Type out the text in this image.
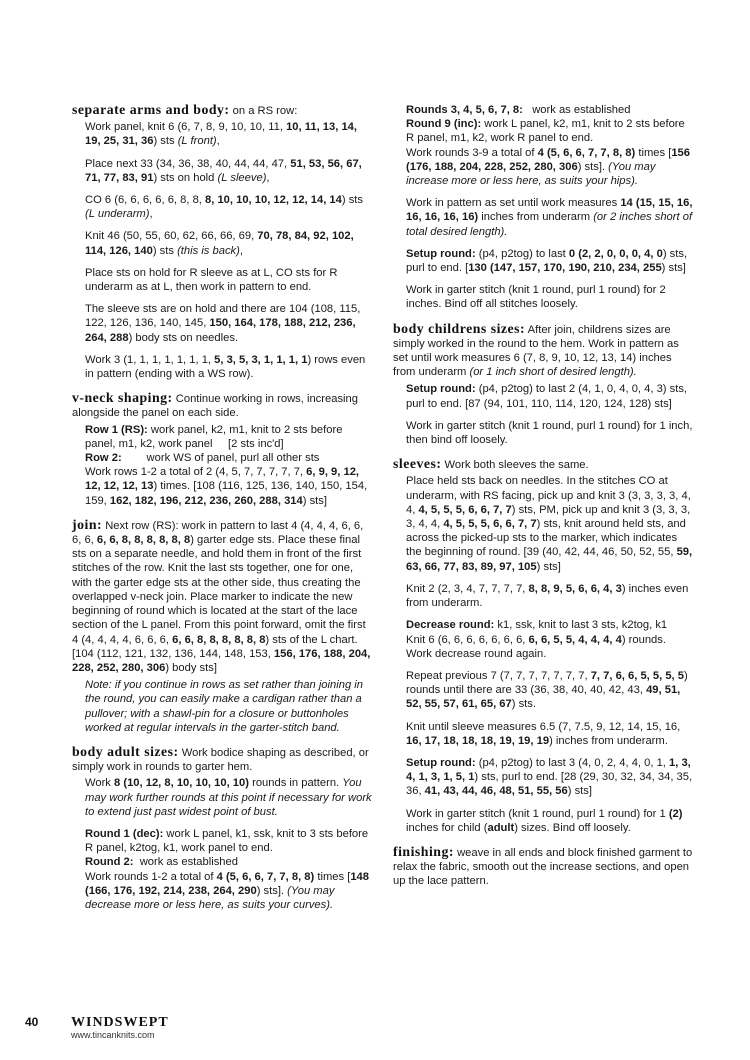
separate arms and body: on a RS row:

Work panel, knit 6 (6, 7, 8, 9, 10, 10, 11, 10, 11, 13, 14, 19, 25, 31, 36) sts (L front),

Place next 33 (34, 36, 38, 40, 44, 44, 47, 51, 53, 56, 67, 71, 77, 83, 91) sts on hold (L sleeve),

CO 6 (6, 6, 6, 6, 6, 8, 8, 8, 10, 10, 10, 12, 12, 14, 14) sts (L underarm),

Knit 46 (50, 55, 60, 62, 66, 66, 69, 70, 78, 84, 92, 102, 114, 126, 140) sts (this is back),

Place sts on hold for R sleeve as at L, CO sts for R underarm as at L, then work in pattern to end.

The sleeve sts are on hold and there are 104 (108, 115, 122, 126, 136, 140, 145, 150, 164, 178, 188, 212, 236, 264, 288) body sts on needles.

Work 3 (1, 1, 1, 1, 1, 1, 1, 5, 3, 5, 3, 1, 1, 1, 1) rows even in pattern (ending with a WS row).

v-neck shaping: Continue working in rows, increasing alongside the panel on each side.

Row 1 (RS): work panel, k2, m1, knit to 2 sts before panel, m1, k2, work panel     [2 sts inc'd]
Row 2:        work WS of panel, purl all other sts
Work rows 1-2 a total of 2 (4, 5, 7, 7, 7, 7, 7, 6, 9, 9, 12, 12, 12, 12, 13) times. [108 (116, 125, 136, 140, 150, 154, 159, 162, 182, 196, 212, 236, 260, 288, 314) sts]

join: Next row (RS): work in pattern to last 4 (4, 4, 4, 6, 6, 6, 6, 6, 6, 8, 8, 8, 8, 8, 8) garter edge sts. Place these final sts on a separate needle, and hold them in front of the first stitches of the row. Knit the last sts together, one for one, with the garter edge sts at the other side, thus creating the overlapped v-neck join. Place marker to indicate the new beginning of round which is located at the start of the lace section of the L panel. From this point forward, omit the first 4 (4, 4, 4, 4, 6, 6, 6, 6, 6, 8, 8, 8, 8, 8, 8) sts of the L chart. [104 (112, 121, 132, 136, 144, 148, 153, 156, 176, 188, 204, 228, 252, 280, 306) body sts]

Note: if you continue in rows as set rather than joining in the round, you can easily make a cardigan rather than a pullover; with a shawl-pin for a closure or buttonholes worked at regular intervals in the garter-stitch band.

body adult sizes: Work bodice shaping as described, or simply work in rounds to garter hem.

Work 8 (10, 12, 8, 10, 10, 10, 10) rounds in pattern. You may work further rounds at this point if necessary for work to extend just past widest point of bust.

Round 1 (dec): work L panel, k1, ssk, knit to 3 sts before R panel, k2tog, k1, work panel to end.
Round 2:  work as established
Work rounds 1-2 a total of 4 (5, 6, 6, 7, 7, 8, 8) times [148 (166, 176, 192, 214, 238, 264, 290) sts]. (You may decrease more or less here, as suits your curves).

Rounds 3, 4, 5, 6, 7, 8:   work as established
Round 9 (inc): work L panel, k2, m1, knit to 2 sts before R panel, m1, k2, work R panel to end.
Work rounds 3-9 a total of 4 (5, 6, 6, 7, 7, 8, 8) times [156 (176, 188, 204, 228, 252, 280, 306) sts]. (You may increase more or less here, as suits your hips).

Work in pattern as set until work measures 14 (15, 15, 16, 16, 16, 16, 16) inches from underarm (or 2 inches short of total desired length).

Setup round: (p4, p2tog) to last 0 (2, 2, 0, 0, 0, 4, 0) sts, purl to end. [130 (147, 157, 170, 190, 210, 234, 255) sts]

Work in garter stitch (knit 1 round, purl 1 round) for 2 inches. Bind off all stitches loosely.

body childrens sizes: After join, childrens sizes are simply worked in the round to the hem. Work in pattern as set until work measures 6 (7, 8, 9, 10, 12, 13, 14) inches from underarm (or 1 inch short of desired length).

Setup round: (p4, p2tog) to last 2 (4, 1, 0, 4, 0, 4, 3) sts, purl to end. [87 (94, 101, 110, 114, 120, 124, 128) sts]

Work in garter stitch (knit 1 round, purl 1 round) for 1 inch, then bind off loosely.

sleeves: Work both sleeves the same.

Place held sts back on needles. In the stitches CO at underarm, with RS facing, pick up and knit 3 (3, 3, 3, 3, 4, 4, 4, 5, 5, 5, 6, 6, 7, 7) sts, PM, pick up and knit 3 (3, 3, 3, 3, 4, 4, 4, 5, 5, 5, 6, 6, 7, 7) sts, knit around held sts, and across the picked-up sts to the marker, which indicates the beginning of round. [39 (40, 42, 44, 46, 50, 52, 55, 59, 63, 66, 77, 83, 89, 97, 105) sts]

Knit 2 (2, 3, 4, 7, 7, 7, 7, 8, 8, 9, 5, 6, 6, 4, 3) inches even from underarm.

Decrease round: k1, ssk, knit to last 3 sts, k2tog, k1
Knit 6 (6, 6, 6, 6, 6, 6, 6, 6, 6, 5, 5, 4, 4, 4, 4) rounds.
Work decrease round again.

Repeat previous 7 (7, 7, 7, 7, 7, 7, 7, 7, 7, 6, 6, 5, 5, 5, 5) rounds until there are 33 (36, 38, 40, 40, 42, 43, 49, 51, 52, 55, 57, 61, 65, 67) sts.

Knit until sleeve measures 6.5 (7, 7.5, 9, 12, 14, 15, 16, 16, 17, 18, 18, 18, 19, 19, 19) inches from underarm.

Setup round: (p4, p2tog) to last 3 (4, 0, 2, 4, 4, 0, 1, 1, 3, 4, 1, 3, 1, 5, 1) sts, purl to end. [28 (29, 30, 32, 34, 34, 35, 36, 41, 43, 44, 46, 48, 51, 55, 56) sts]

Work in garter stitch (knit 1 round, purl 1 round) for 1 (2) inches for child (adult) sizes. Bind off loosely.

finishing: weave in all ends and block finished garment to relax the fabric, smooth out the increase sections, and open up the lace pattern.

40 WINDSWEPT
www.tincanknits.com
